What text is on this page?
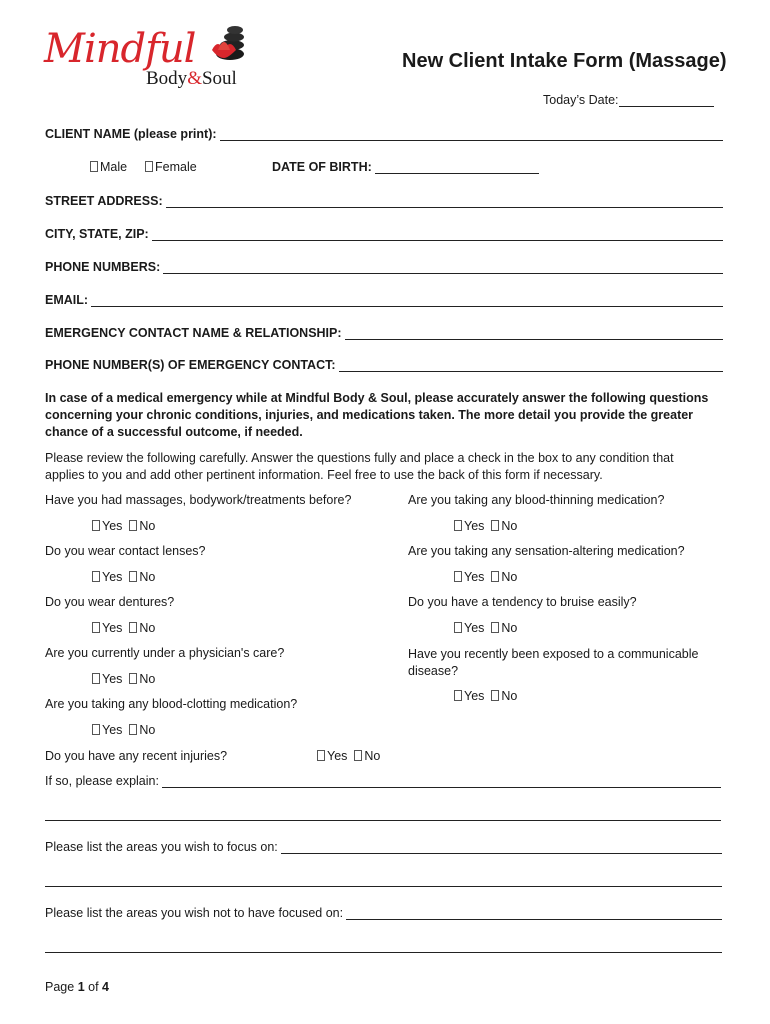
Mindful
Body&Soul
New Client Intake Form (Massage)
Today’s Date:
CLIENT NAME (please print):
Male	Female	DATE OF BIRTH:
STREET ADDRESS:
CITY, STATE, ZIP:
PHONE NUMBERS:
EMAIL:
EMERGENCY CONTACT NAME & RELATIONSHIP:
PHONE NUMBER(S) OF EMERGENCY CONTACT:
In case of a medical emergency while at Mindful Body & Soul, please accurately answer the following questions concerning your chronic conditions, injuries, and medications taken. The more detail you provide the greater chance of a successful outcome, if needed.
Please review the following carefully. Answer the questions fully and place a check in the box to any condition that applies to you and add other pertinent information. Feel free to use the back of this form if necessary.
Have you had massages, bodywork/treatments before?
Yes No
Do you wear contact lenses?
Yes No
Do you wear dentures?
Yes No
Are you currently under a physician's care?
Yes No
Are you taking any blood-clotting medication?
Yes No
Are you taking any blood-thinning medication?
Yes No
Are you taking any sensation-altering medication?
Yes No
Do you have a tendency to bruise easily?
Yes No
Have you recently been exposed to a communicable disease?
Yes No
Do you have any recent injuries?	Yes No
If so, please explain:
Please list the areas you wish to focus on:
Please list the areas you wish not to have focused on:
Page 1 of 4
